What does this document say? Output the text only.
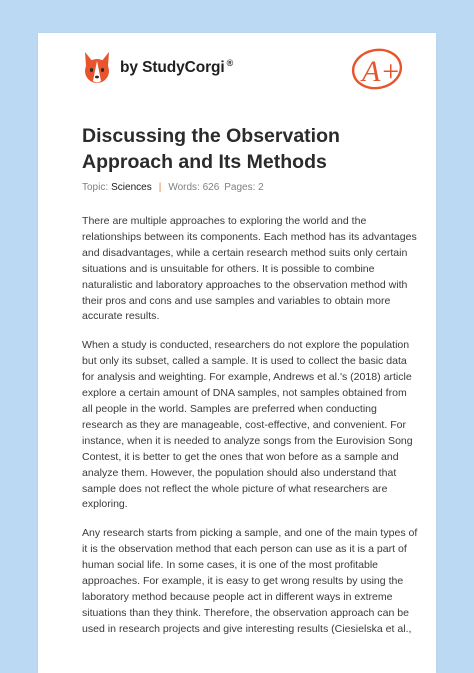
by StudyCorgi ®	A+
Discussing the Observation Approach and Its Methods
Topic: Sciences | Words: 626 Pages: 2

There are multiple approaches to exploring the world and the relationships between its components. Each method has its advantages and disadvantages, while a certain research method suits only certain situations and is unsuitable for others. It is possible to combine naturalistic and laboratory approaches to the observation method with their pros and cons and use samples and variables to obtain more accurate results.

When a study is conducted, researchers do not explore the population but only its subset, called a sample. It is used to collect the basic data for analysis and weighting. For example, Andrews et al.'s (2018) article explore a certain amount of DNA samples, not samples obtained from all people in the world. Samples are preferred when conducting research as they are manageable, cost-effective, and convenient. For instance, when it is needed to analyze songs from the Eurovision Song Contest, it is better to get the ones that won before as a sample and analyze them. However, the population should also understand that sample does not reflect the whole picture of what researchers are exploring.

Any research starts from picking a sample, and one of the main types of it is the observation method that each person can use as it is a part of human social life. In some cases, it is one of the most profitable approaches. For example, it is easy to get wrong results by using the laboratory method because people act in different ways in extreme situations than they think. Therefore, the observation approach can be used in research projects and give interesting results (Ciesielska et al.,
